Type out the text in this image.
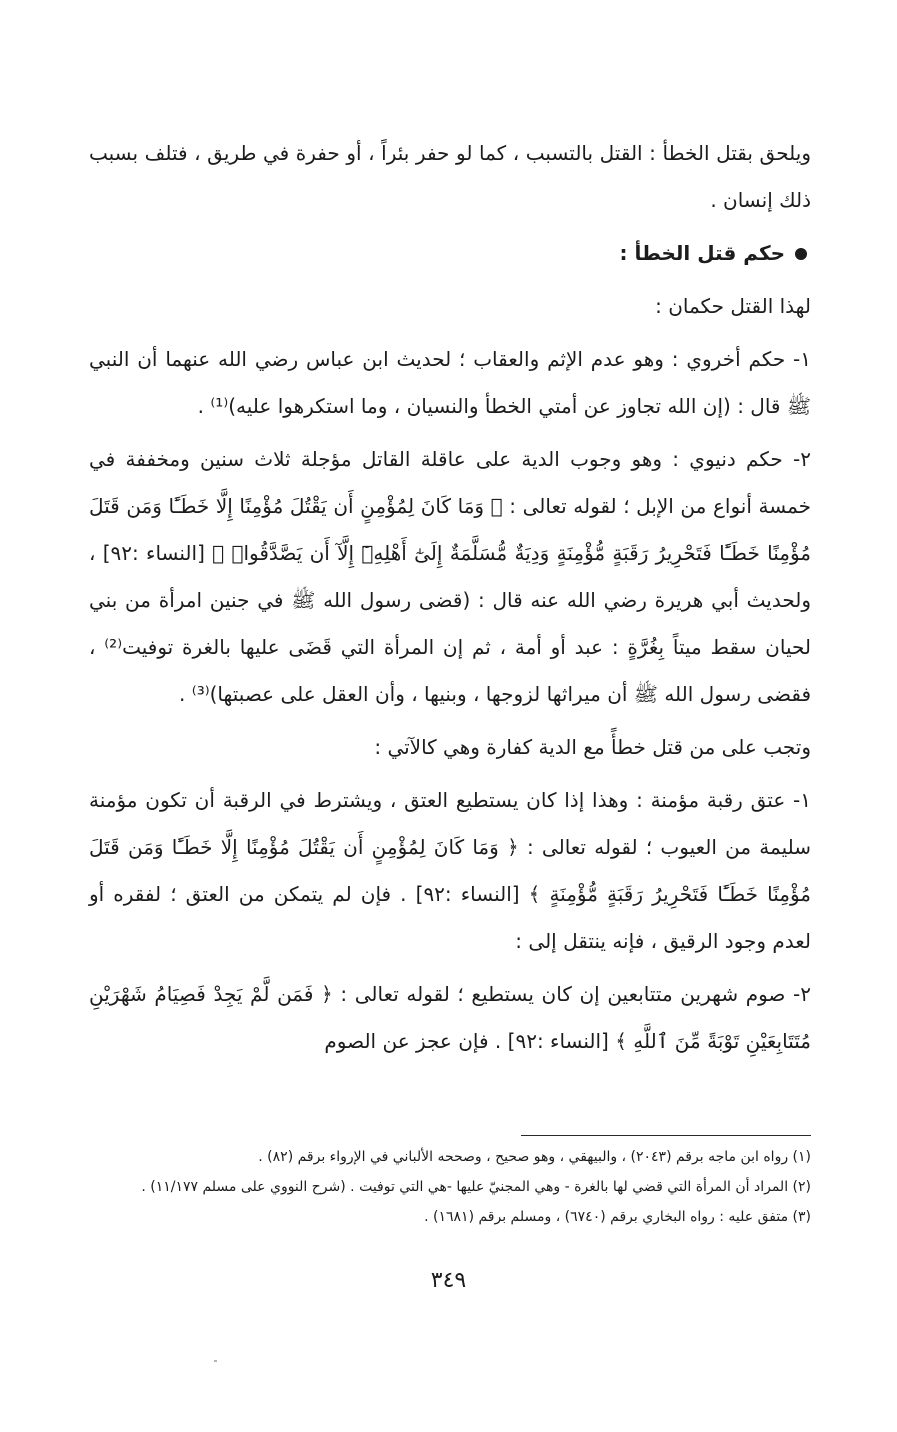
ويلحق بقتل الخطأ : القتل بالتسبب ، كما لو حفر بئراً ، أو حفرة في طريق ، فتلف بسبب ذلك إنسان .

حكم قتل الخطأ :

لهذا القتل حكمان :

١- حكم أخروي : وهو عدم الإثم والعقاب ؛ لحديث ابن عباس رضي الله عنهما أن النبي ﷺ قال : (إن الله تجاوز عن أمتي الخطأ والنسيان ، وما استكرهوا عليه)⁽¹⁾ .

٢- حكم دنيوي : وهو وجوب الدية على عاقلة القاتل مؤجلة ثلاث سنين ومخففة في خمسة أنواع من الإبل ؛ لقوله تعالى : ﴿ وَمَا كَانَ لِمُؤْمِنٍ أَن يَقْتُلَ مُؤْمِنًا إِلَّا خَطَـًٔا وَمَن قَتَلَ مُؤْمِنًا خَطَـًٔا فَتَحْرِيرُ رَقَبَةٍ مُّؤْمِنَةٍ وَدِيَةٌ مُّسَلَّمَةٌ إِلَىٰٓ أَهْلِهِۦٓ إِلَّآ أَن يَصَّدَّقُوا۟ ﴾ [النساء :٩٢] ، ولحديث أبي هريرة رضي الله عنه قال : (قضى رسول الله ﷺ في جنين امرأة من بني لحيان سقط ميتاً بِغُرَّةٍ : عبد أو أمة ، ثم إن المرأة التي قَضَى عليها بالغرة توفيت⁽²⁾ ، فقضى رسول الله ﷺ أن ميراثها لزوجها ، وبنيها ، وأن العقل على عصبتها)⁽³⁾ .

وتجب على من قتل خطأً مع الدية كفارة وهي كالآتي :

١- عتق رقبة مؤمنة : وهذا إذا كان يستطيع العتق ، ويشترط في الرقبة أن تكون مؤمنة سليمة من العيوب ؛ لقوله تعالى : ﴿ وَمَا كَانَ لِمُؤْمِنٍ أَن يَقْتُلَ مُؤْمِنًا إِلَّا خَطَـًٔا وَمَن قَتَلَ مُؤْمِنًا خَطَـًٔا فَتَحْرِيرُ رَقَبَةٍ مُّؤْمِنَةٍ ﴾ [النساء :٩٢] . فإن لم يتمكن من العتق ؛ لفقره أو لعدم وجود الرقيق ، فإنه ينتقل إلى :

٢- صوم شهرين متتابعين إن كان يستطيع ؛ لقوله تعالى : ﴿ فَمَن لَّمْ يَجِدْ فَصِيَامُ شَهْرَيْنِ مُتَتَابِعَيْنِ تَوْبَةً مِّنَ ٱللَّهِ ﴾ [النساء :٩٢] . فإن عجز عن الصوم

(١) رواه ابن ماجه برقم (٢٠٤٣) ، والبيهقي ، وهو صحيح ، وصححه الألباني في الإرواء برقم (٨٢) .

(٢) المراد أن المرأة التي قضي لها بالغرة - وهي المجنيّ عليها -هي التي توفيت . (شرح النووي على مسلم ١١/١٧٧) .

(٣) متفق عليه : رواه البخاري برقم (٦٧٤٠) ، ومسلم برقم (١٦٨١) .

٣٤٩
